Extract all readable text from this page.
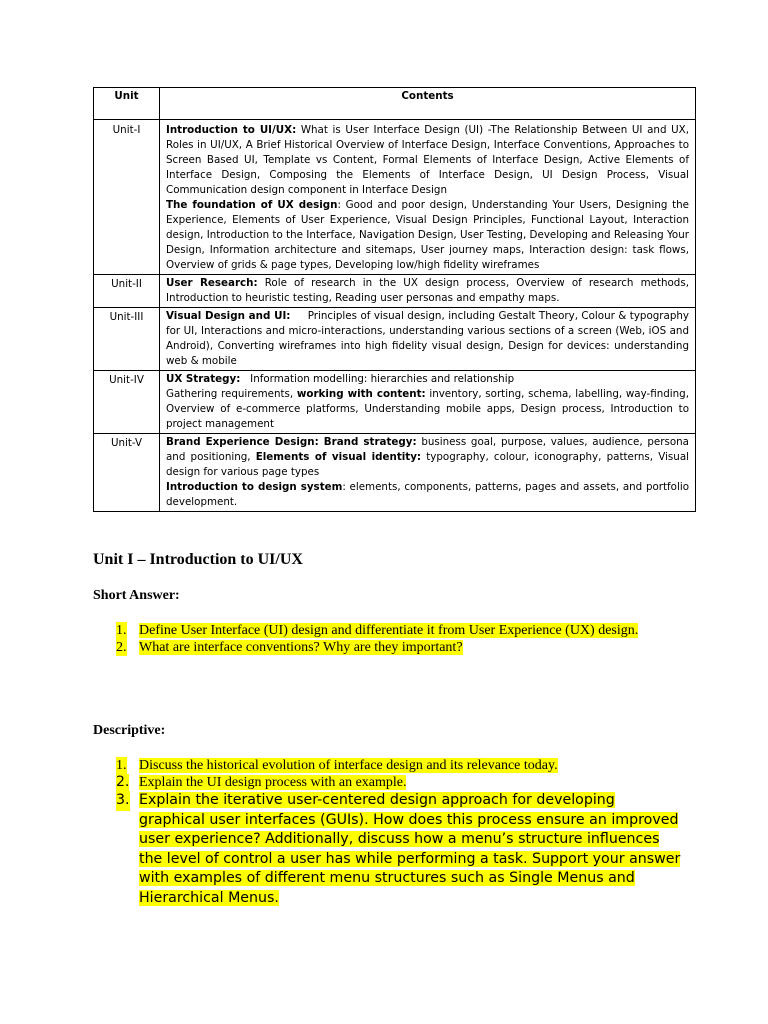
Unit	Contents
Unit-I	Introduction to UI/UX: What is User Interface Design (UI) -The Relationship Between UI and UX, Roles in UI/UX, A Brief Historical Overview of Interface Design, Interface Conventions, Approaches to Screen Based UI, Template vs Content, Formal Elements of Interface Design, Active Elements of Interface Design, Composing the Elements of Interface Design, UI Design Process, Visual Communication design component in Interface Design

The foundation of UX design: Good and poor design, Understanding Your Users, Designing the Experience, Elements of User Experience, Visual Design Principles, Functional Layout, Interaction design, Introduction to the Interface, Navigation Design, User Testing, Developing and Releasing Your Design, Information architecture and sitemaps, User journey maps, Interaction design: task flows, Overview of grids & page types, Developing low/high fidelity wireframes

Unit-II	User Research: Role of research in the UX design process, Overview of research methods, Introduction to heuristic testing, Reading user personas and empathy maps.

Unit-III	Visual Design and UI:     Principles of visual design, including Gestalt Theory, Colour & typography for UI, Interactions and micro-interactions, understanding various sections of a screen (Web, iOS and Android), Converting wireframes into high fidelity visual design, Design for devices: understanding web & mobile

Unit-IV	UX Strategy:   Information modelling: hierarchies and relationship

Gathering requirements, working with content: inventory, sorting, schema, labelling, way-finding, Overview of e-commerce platforms, Understanding mobile apps, Design process, Introduction to project management

Unit-V	Brand Experience Design: Brand strategy: business goal, purpose, values, audience, persona and positioning, Elements of visual identity: typography, colour, iconography, patterns, Visual design for various page types

Introduction to design system: elements, components, patterns, pages and assets, and portfolio development.

Unit I – Introduction to UI/UX
Short Answer:
1. Define User Interface (UI) design and differentiate it from User Experience (UX) design.
2. What are interface conventions? Why are they important?
Descriptive:
1. Discuss the historical evolution of interface design and its relevance today.
2. Explain the UI design process with an example.
3. Explain the iterative user-centered design approach for developing graphical user interfaces (GUIs). How does this process ensure an improved user experience? Additionally, discuss how a menu’s structure influences the level of control a user has while performing a task. Support your answer with examples of different menu structures such as Single Menus and Hierarchical Menus.
